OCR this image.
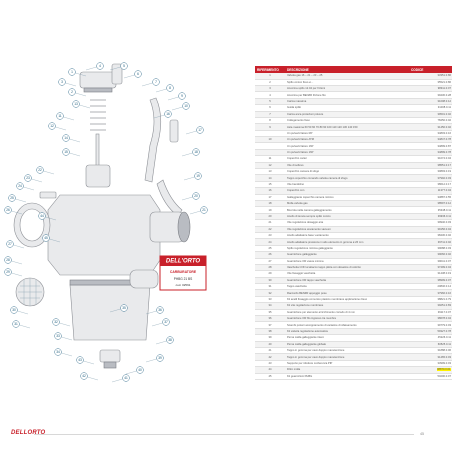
DELL'ORTO
CARBURATORE
PHBG 21 BS
cod. 02591
1
2
3
4	5
6
7
8
9
10
11
12
13
14
15
16
17
18
19
20
21
22
23
24
25
26
27
28
29
30
31	32
33
34
35	36
37
38
39
40
41
42
43
44
45
RIFERIMENTO	DESCRIZIONE	CODICE
1	Valvola gas 16 – 21 – 23 – 25	33351.0.86
2	Spillo conico fisso ø…	35521.0.86
3	Ancorina spillo 12.04 per frizioni	98311.0.07
4	Ancorina per BENZR frizione filo	39430.0.28
5	Carica massima	31008.0.12
6	Guida spillo	31008.0.11
7	Carica anca protezioni polvere	39501.0.02
8	Collegamento fisso	78450.0.02
9	Asta massima 60 50 60 70 80 90 100 110 120 130 140 150	31450.0.02
	Un pulverizzatore RP	34803.0.16
10	Un pulverizzatore ATM	34847.0.78
	Un pulverizzatore 16P	34899.0.87
	Un pulverizzatore 16P	34899.0.78
11	Coperchio carter	31074.0.04
12	Vite di sollevo	38551.0.17
13	Coperchio camera di sfogo	30893.0.19
14	Tappo coperchio comando valvola camera di sfogo	37992.0.03
15	Vite bandolino	38612.0.17
16	Coperchio con	11377.0.04
17	Galleggiante coperchio camera minimo	33887.0.55
18	Molla valvola gas	38597.0.12
19	Boccola nella camera galleggiamento	35348.0.11
20	Anello di tenuta sempre spillo conico	39936.0.11
21	Vite regolazione dosaggio aria	39940.0.03
22	Vite regolazione avviamento vacuum	39156.0.04
23	Anello adattatore base vuotamento	38430.0.02
24	Anello adattatore pressione in alto elemento in gomma ø 26 mm	39711.0.02
25	Spillo regolazione minima galleggiante	39088.0.03
26	Guarnizione galleggiante	39066.0.02
27	Guarnizione OR vasca minima	39041.0.07
28	Vaschetta CON al attacco tappo pilota con dosatore di colorito	37499.0.04
29	Vite fissaggio vaschetta	31438.0.19
30	Guarnizione OR tappo vaschetta	38999.0.07
31	Tappo vaschetta	20846.0.14
32	Raccordo BENZR appoggio pose	37966.0.16
33	Kit anelli fissaggio comunico plastico membrane applicazione rilevo	38821.0.79
34	Kit vite regolazione membrane	39251.0.83
35	Guarnizione per elemento arricchimento corredo di 4 mm	39117.0.07
36	Guarnizione OR filo ingresso tra membra	38678.0.04
37	Scambi polveri accoppiamento di variatore di sfiatoamento	39779.0.03
38	Kit valvola regolazione automatica	59327.0.78
39	Perna calda galleggiante intero	45226.0.11
40	Perna calda galleggiante globale	60525.0.11
41	Tappo in gomma per cavo doppio manutenzione	31888.0.06
42	Tappo in gomma per cavo doppio manutenzione	31465.0.03
43	Supporto per riduttore conferenza PIP	33999.0.03
44	Filtro molla	38870.0.01
45	Kit guarnizioni PHBG	50200.0.07
DELLORTO	45
